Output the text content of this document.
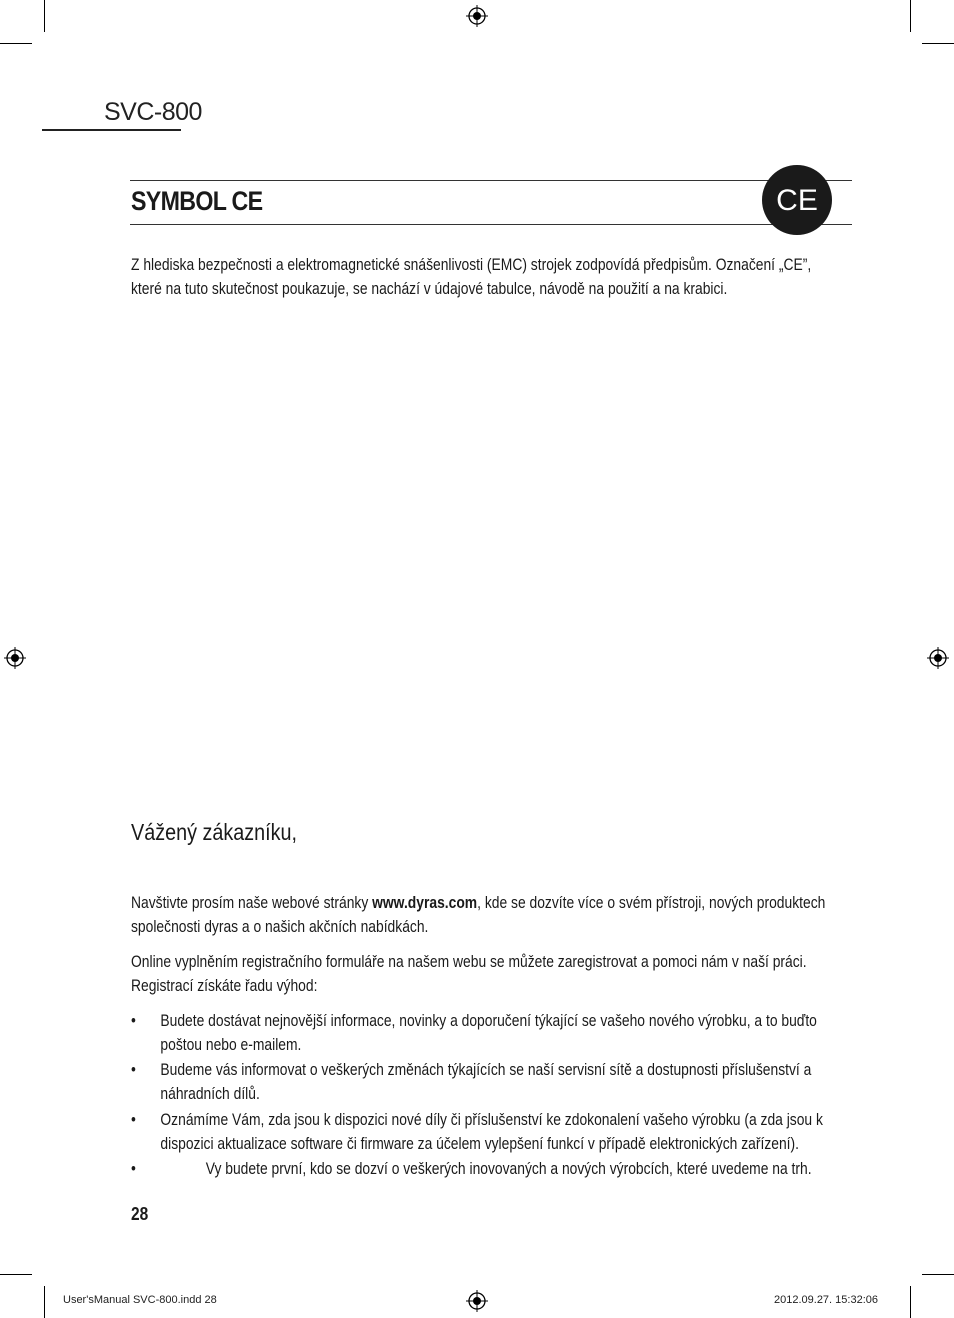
SVC-800
SYMBOL CE	CE
Z hlediska bezpečnosti a elektromagnetické snášenlivosti (EMC) strojek zodpovídá předpisům. Označení „CE”,
které na tuto skutečnost poukazuje, se nachází v údajové tabulce, návodě na použití a na krabici.
Vážený zákazníku,
Navštivte prosím naše webové stránky www.dyras.com, kde se dozvíte více o svém přístroji, nových produktech
společnosti dyras a o našich akčních nabídkách.
Online vyplněním registračního formuláře na našem webu se můžete zaregistrovat a pomoci nám v naší práci.
Registrací získáte řadu výhod:
• Budete dostávat nejnovější informace, novinky a doporučení týkající se vašeho nového výrobku, a to buďto
poštou nebo e-mailem.
• Budeme vás informovat o veškerých změnách týkajících se naší servisní sítě a dostupnosti příslušenství a
náhradních dílů.
• Oznámíme Vám, zda jsou k dispozici nové díly či příslušenství ke zdokonalení vašeho výrobku (a zda jsou k
dispozici aktualizace software či firmware za účelem vylepšení funkcí v případě elektronických zařízení).
•	Vy budete první, kdo se dozví o veškerých inovovaných a nových výrobcích, které uvedeme na trh.
28
User'sManual SVC-800.indd 28	2012.09.27. 15:32:06
